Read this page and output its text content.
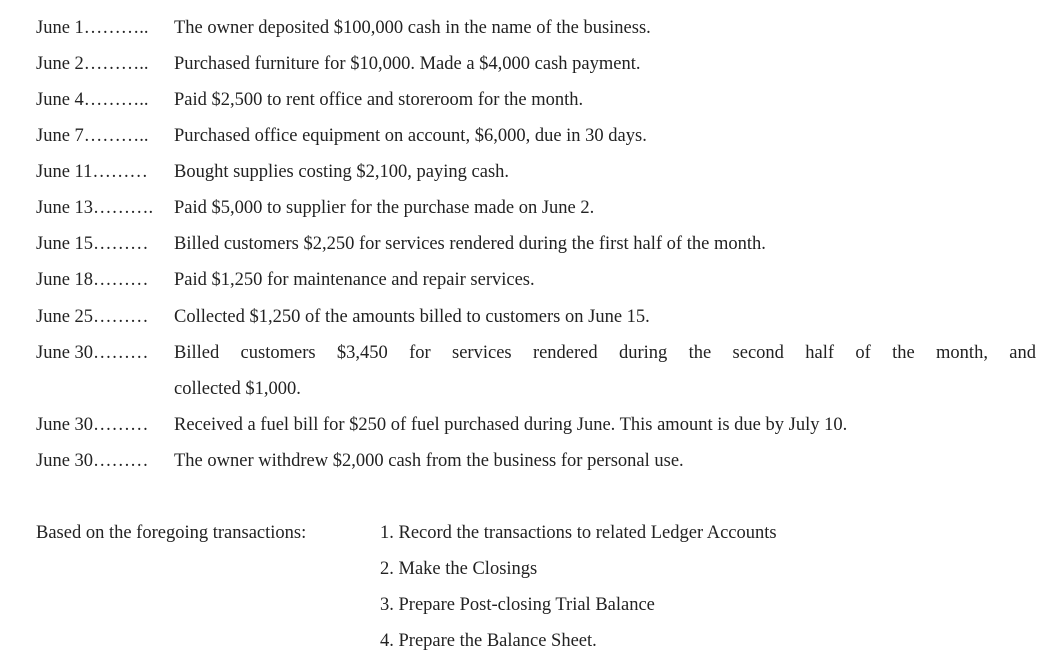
June 1………..	The owner deposited $100,000 cash in the name of the business.
June 2………..	Purchased furniture for $10,000. Made a $4,000 cash payment.
June 4………..	Paid $2,500 to rent office and storeroom for the month.
June 7………..	Purchased office equipment on account, $6,000, due in 30 days.
June 11………	Bought supplies costing $2,100, paying cash.
June 13……….	Paid $5,000 to supplier for the purchase made on June 2.
June 15………	Billed customers $2,250 for services rendered during the first half of the month.
June 18………	Paid $1,250 for maintenance and repair services.
June 25………	Collected $1,250 of the amounts billed to customers on June 15.
June 30………	Billed customers $3,450 for services rendered during the second half of the month, and
collected $1,000.
June 30………	Received a fuel bill for $250 of fuel purchased during June. This amount is due by July 10.
June 30………	The owner withdrew $2,000 cash from the business for personal use.
Based on the foregoing transactions:	1. Record the transactions to related Ledger Accounts
2. Make the Closings
3. Prepare Post-closing Trial Balance
4. Prepare the Balance Sheet.
